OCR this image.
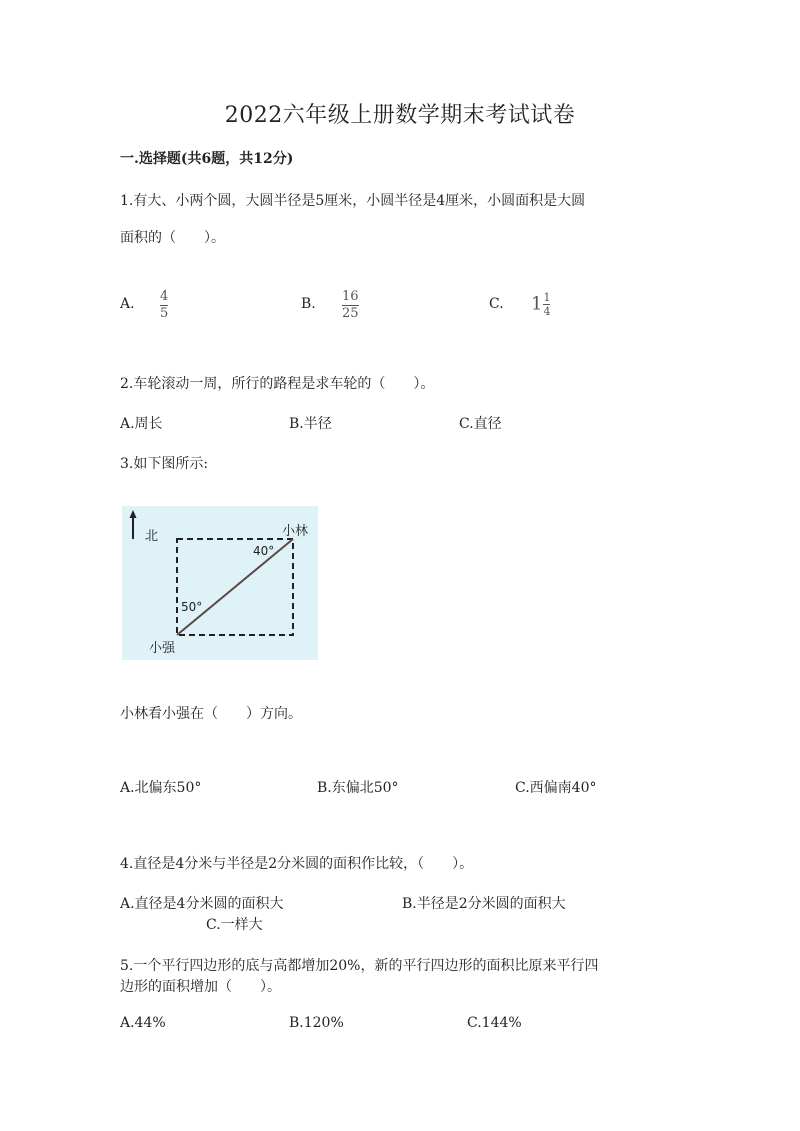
2022六年级上册数学期末考试试卷
一.选择题(共6题，共12分)
1.有大、小两个圆，大圆半径是5厘米，小圆半径是4厘米，小圆面积是大圆
面积的（　　）。
A. 4
5
B. 16
25
C. $1 \frac{1}{4}$
2.车轮滚动一周，所行的路程是求车轮的（　　）。
A.周长	B.半径	C.直径
3.如下图所示:
北	小林
40°
50°
小强
小林看小强在（　　）方向。
A.北偏东50°	B.东偏北50°	C.西偏南40°
4.直径是4分米与半径是2分米圆的面积作比较，（　　）。
A.直径是4分米圆的面积大	B.半径是2分米圆的面积大
C.一样大
5.一个平行四边形的底与高都增加20%，新的平行四边形的面积比原来平行四
边形的面积增加（　　）。
A.44%	B.120%	C.144%
